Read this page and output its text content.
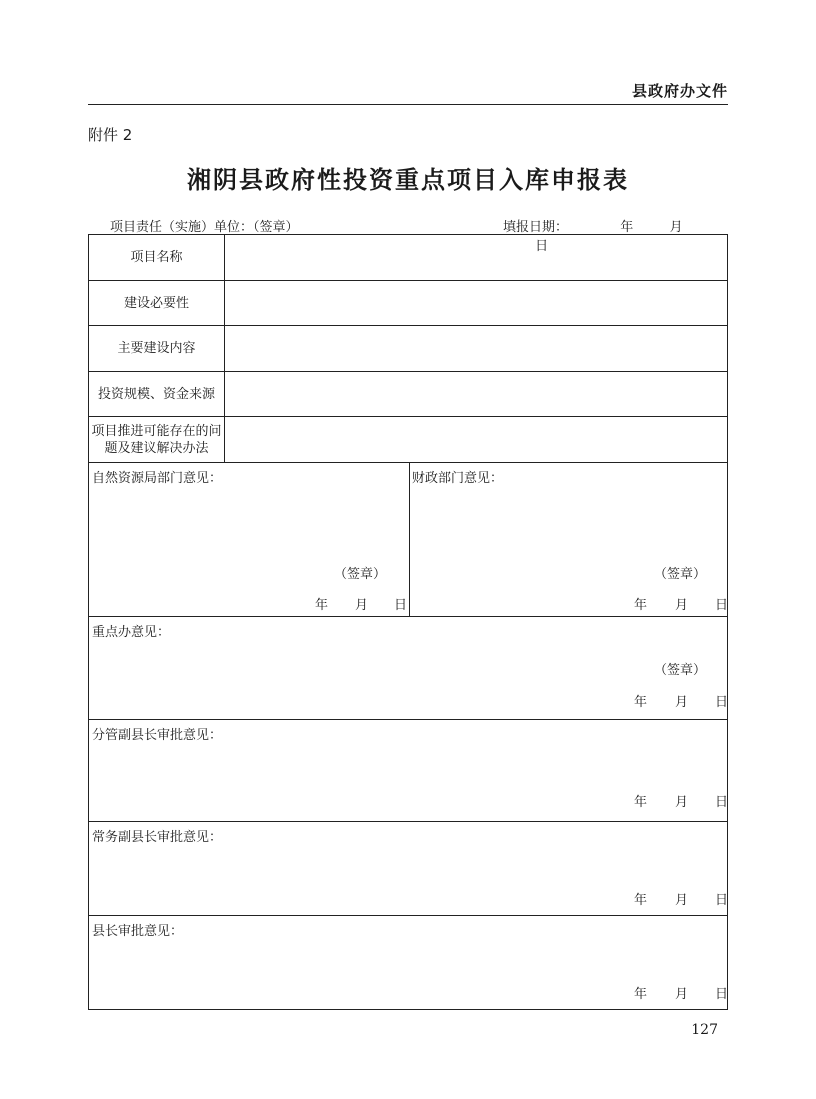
县政府办文件
附件 2
湘阴县政府性投资重点项目入库申报表
项目责任（实施）单位：（签章）	填报日期：	年	月  日
项目名称
建设必要性
主要建设内容
投资规模、资金来源
项目推进可能存在的问题及建议解决办法
自然资源局部门意见：
（签章）
年 月 日
财政部门意见：
（签章）
年 月 日
重点办意见：
（签章）
年 月 日
分管副县长审批意见：
年 月 日
常务副县长审批意见：
年 月 日
县长审批意见：
年 月 日
127
